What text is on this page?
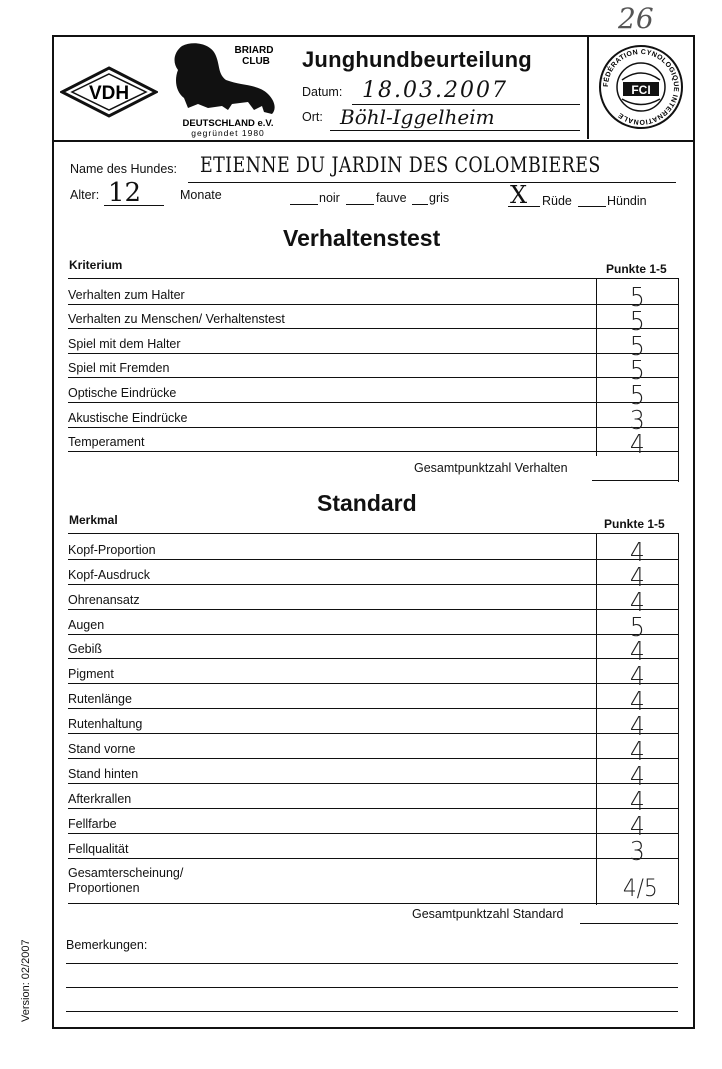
26
VDH
BRIARD
CLUB
DEUTSCHLAND e.V.
gegründet 1980
Junghundbeurteilung
Datum: 18.03.2007
Ort: Böhl-Iggelheim
FÉDÉRATION CYNOLOGIQUE INTERNATIONALE
FCI
Name des Hundes: ETIENNE DU JARDIN DES COLOMBIERES
Alter: 12	Monate	noir	fauve gris	X Rüde	Hündin
Verhaltenstest
Kriterium	Punkte 1-5
Verhalten zum Halter	5
Verhalten zu Menschen/ Verhaltenstest	5
Spiel mit dem Halter	5
Spiel mit Fremden	5
Optische Eindrücke	5
Akustische Eindrücke	3
Temperament	4
Gesamtpunktzahl Verhalten
Standard
Merkmal	Punkte 1-5
Kopf-Proportion	4
Kopf-Ausdruck	4
Ohrenansatz	4
Augen	5
Gebiß	4
Pigment	4
Rutenlänge	4
Rutenhaltung	4
Stand vorne	4
Stand hinten	4
Afterkrallen	4
Fellfarbe	4
Fellqualität	3
Gesamterscheinung/
Proportionen	4/5
Gesamtpunktzahl Standard
Bemerkungen:
Version: 02/2007
